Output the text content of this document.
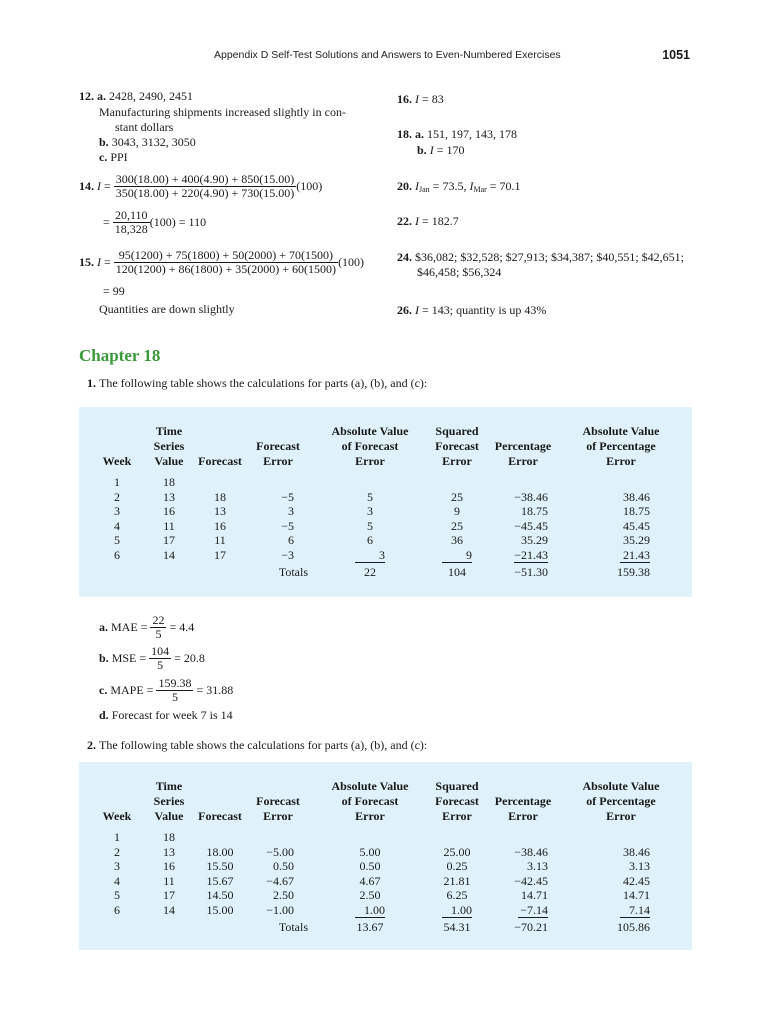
Appendix D Self-Test Solutions and Answers to Even-Numbered Exercises	1051
12. a. 2428, 2490, 2451
Manufacturing shipments increased slightly in con-
stant dollars
b. 3043, 3132, 3050
c. PPI
14. $I = \frac{300(18.00) + 400(4.90) + 850(15.00)}{350(18.00) + 220(4.90) + 730(15.00)} (100)$
= $\frac{20,110}{18,328} (100) = 110$
15. $I = \frac{95(1200) + 75(1800) + 50(2000) + 70(1500)}{120(1200) + 86(1800) + 35(2000) + 60(1500)} (100)$
= 99
Quantities are down slightly
16. I = 83
18. a. 151, 197, 143, 178
b. I = 170
20. $I_{Jan} = 73.5$, $I_{Mar} = 70.1$
22. I = 182.7
24. $36,082; $32,528; $27,913; $34,387; $40,551; $42,651;
$46,458; $56,324
26. I = 143; quantity is up 43%
Chapter 18
1. The following table shows the calculations for parts (a), (b), and (c):
Week	Time
Series
Value	Forecast	Forecast
Error	Absolute Value
of Forecast
Error	Squared
Forecast
Error	Percentage
Error	Absolute Value
of Percentage
Error
1	18						
2	13	18	−5	5	25	−38.46	38.46
3	16	13	3	3	9	18.75	18.75
4	11	16	−5	5	25	−45.45	45.45
5	17	11	6	6	36	35.29	35.29
6	14	17	−3	3	9	−21.43	21.43
			Totals	22	104	−51.30	159.38
a. MAE = $\frac{22}{5} = 4.4$
b. MSE = $\frac{104}{5} = 20.8$
c. MAPE = $\frac{159.38}{5} = 31.88$
d. Forecast for week 7 is 14
2. The following table shows the calculations for parts (a), (b), and (c):
Week	Time
Series
Value	Forecast	Forecast
Error	Absolute Value
of Forecast
Error	Squared
Forecast
Error	Percentage
Error	Absolute Value
of Percentage
Error
1	18						
2	13	18.00	−5.00	5.00	25.00	−38.46	38.46
3	16	15.50	0.50	0.50	0.25	3.13	3.13
4	11	15.67	−4.67	4.67	21.81	−42.45	42.45
5	17	14.50	2.50	2.50	6.25	14.71	14.71
6	14	15.00	−1.00	1.00	1.00	−7.14	7.14
			Totals	13.67	54.31	−70.21	105.86
